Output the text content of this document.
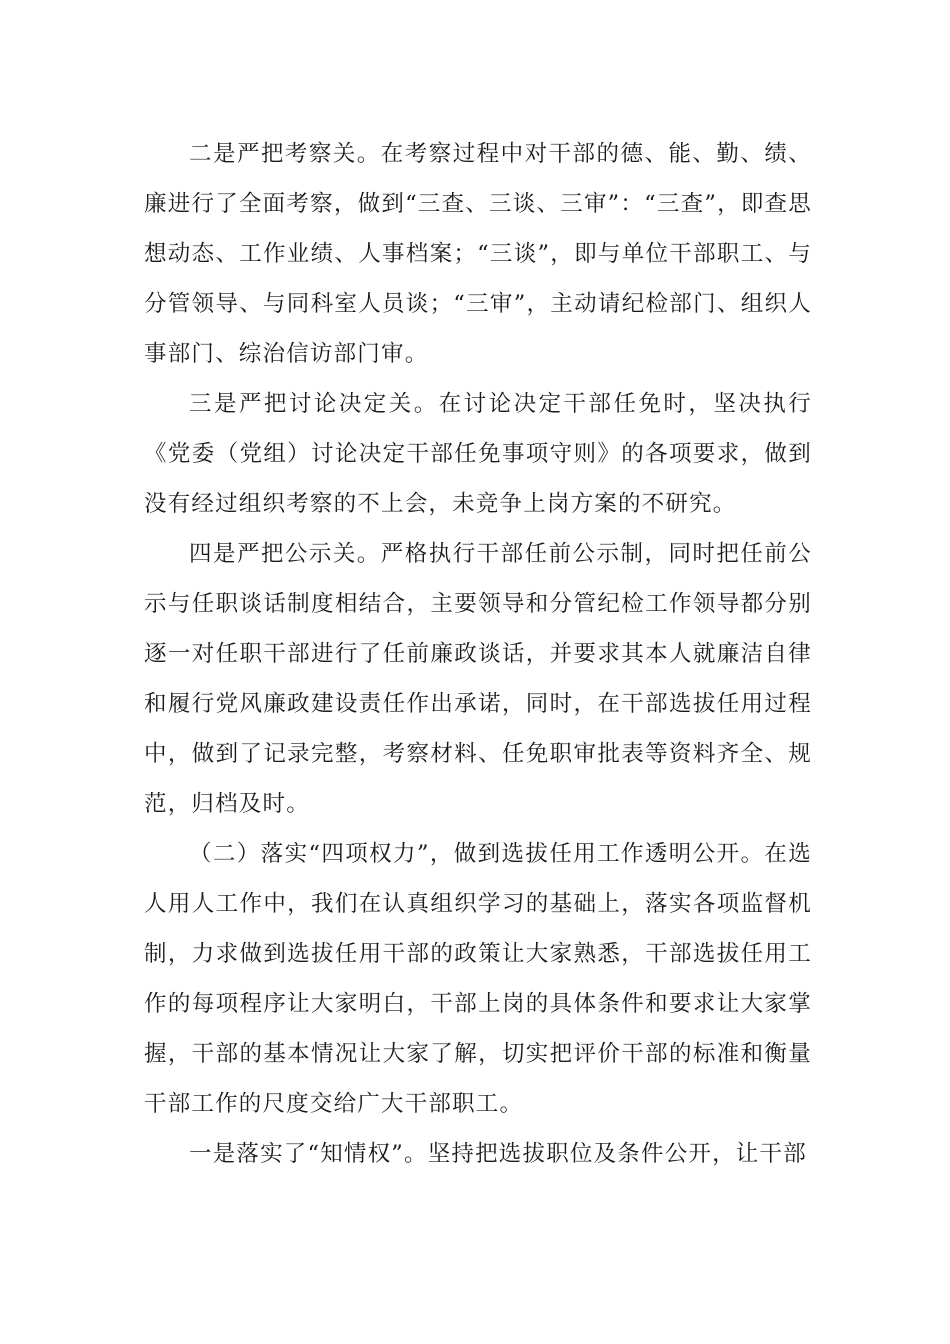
二是严把考察关。在考察过程中对干部的德、能、勤、绩、廉进行了全面考察，做到“三查、三谈、三审”：“三查”，即查思想动态、工作业绩、人事档案；“三谈”，即与单位干部职工、与分管领导、与同科室人员谈；“三审”，主动请纪检部门、组织人事部门、综治信访部门审。

三是严把讨论决定关。在讨论决定干部任免时，坚决执行《党委（党组）讨论决定干部任免事项守则》的各项要求，做到没有经过组织考察的不上会，未竞争上岗方案的不研究。

四是严把公示关。严格执行干部任前公示制，同时把任前公示与任职谈话制度相结合，主要领导和分管纪检工作领导都分别逐一对任职干部进行了任前廉政谈话，并要求其本人就廉洁自律和履行党风廉政建设责任作出承诺，同时，在干部选拔任用过程中，做到了记录完整，考察材料、任免职审批表等资料齐全、规范，归档及时。

（二）落实“四项权力”，做到选拔任用工作透明公开。在选人用人工作中，我们在认真组织学习的基础上，落实各项监督机制，力求做到选拔任用干部的政策让大家熟悉，干部选拔任用工作的每项程序让大家明白，干部上岗的具体条件和要求让大家掌握，干部的基本情况让大家了解，切实把评价干部的标准和衡量干部工作的尺度交给广大干部职工。

一是落实了“知情权”。坚持把选拔职位及条件公开，让干部
